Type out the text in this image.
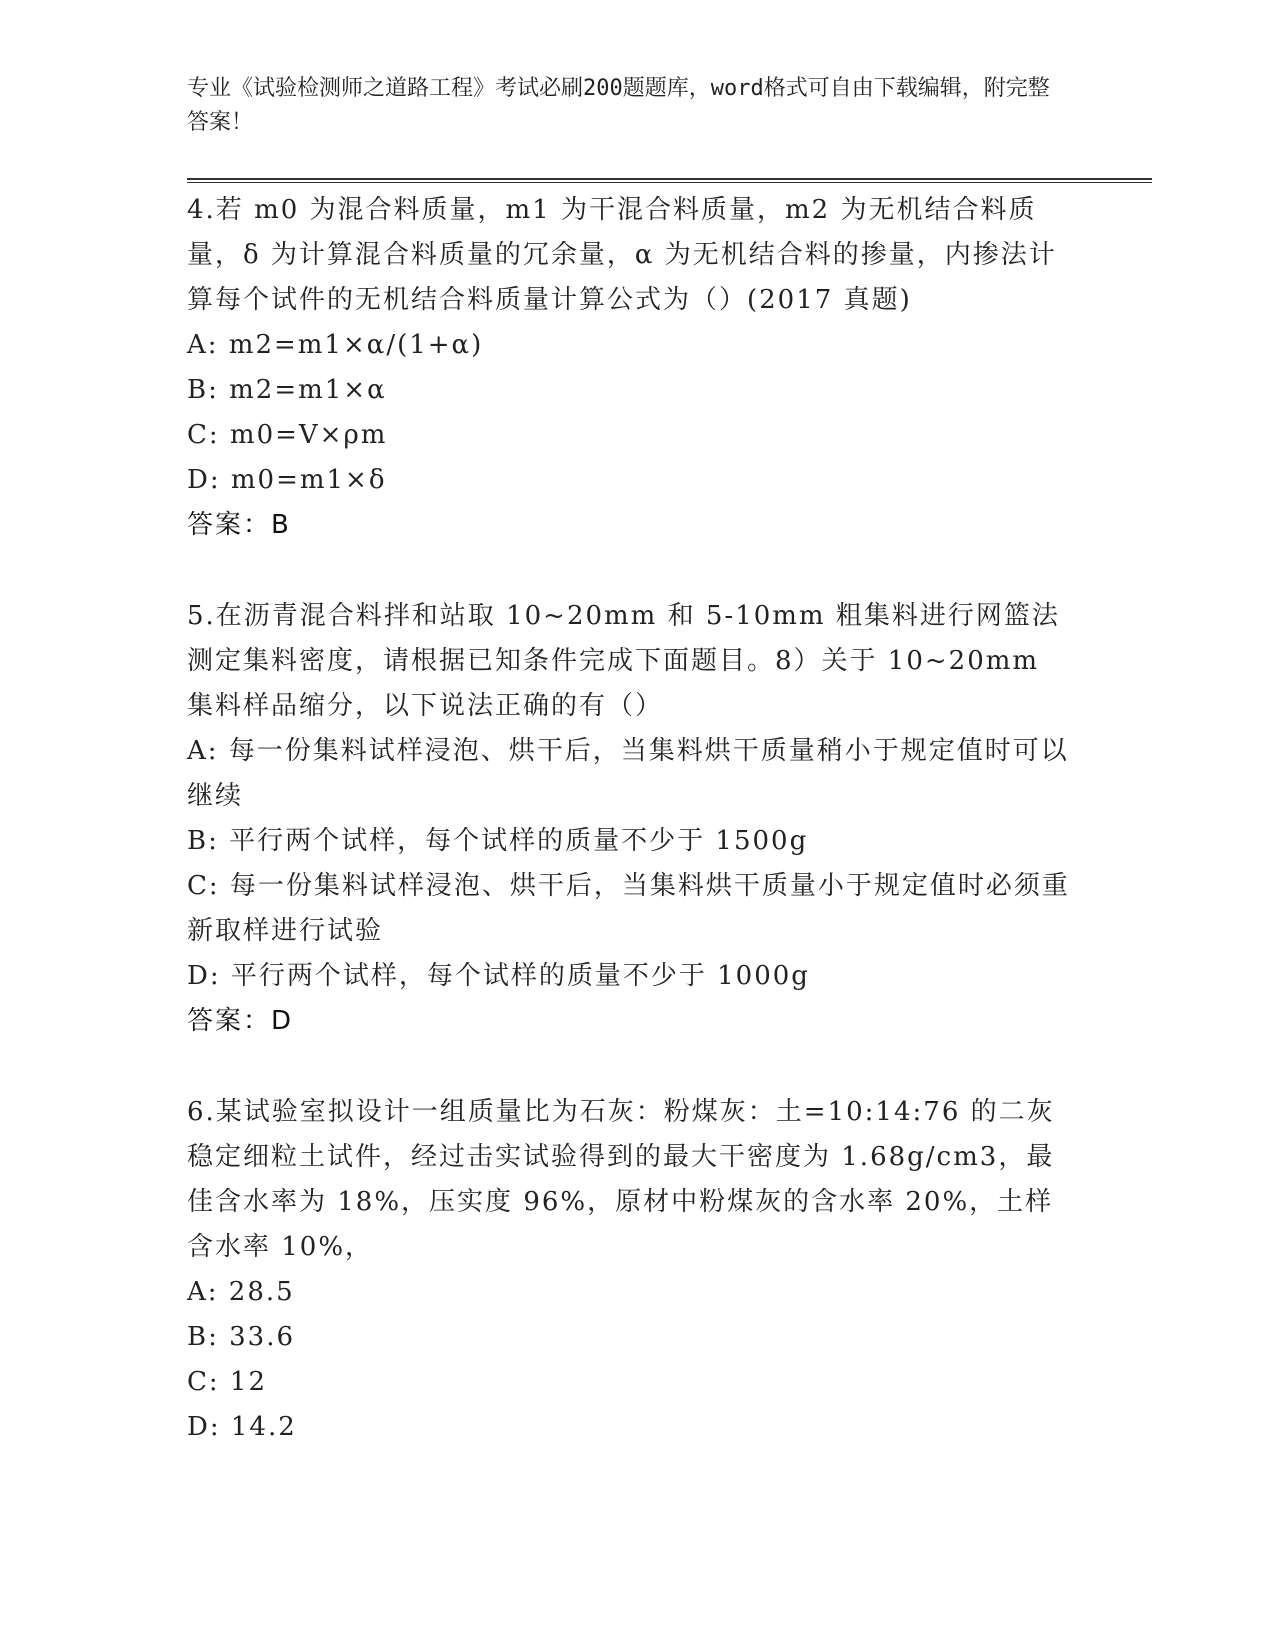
专业《试验检测师之道路工程》考试必刷200题题库，word格式可自由下载编辑，附完整答案！

4.若 m0 为混合料质量，m1 为干混合料质量，m2 为无机结合料质量，δ 为计算混合料质量的冗余量，α 为无机结合料的掺量，内掺法计算每个试件的无机结合料质量计算公式为（）(2017 真题)

A: m2=m1×α/(1+α)
B: m2=m1×α
C: m0=V×ρm
D: m0=m1×δ
答案：B

5.在沥青混合料拌和站取 10~20mm 和 5-10mm 粗集料进行网篮法测定集料密度，请根据已知条件完成下面题目。8）关于 10~20mm 集料样品缩分，以下说法正确的有（）

A: 每一份集料试样浸泡、烘干后，当集料烘干质量稍小于规定值时可以继续
B: 平行两个试样，每个试样的质量不少于 1500g
C: 每一份集料试样浸泡、烘干后，当集料烘干质量小于规定值时必须重新取样进行试验
D: 平行两个试样，每个试样的质量不少于 1000g
答案：D

6.某试验室拟设计一组质量比为石灰：粉煤灰：土=10:14:76 的二灰稳定细粒土试件，经过击实试验得到的最大干密度为 1.68g/cm3，最佳含水率为 18%，压实度 96%，原材中粉煤灰的含水率 20%，土样含水率 10%，

A: 28.5
B: 33.6
C: 12
D: 14.2
